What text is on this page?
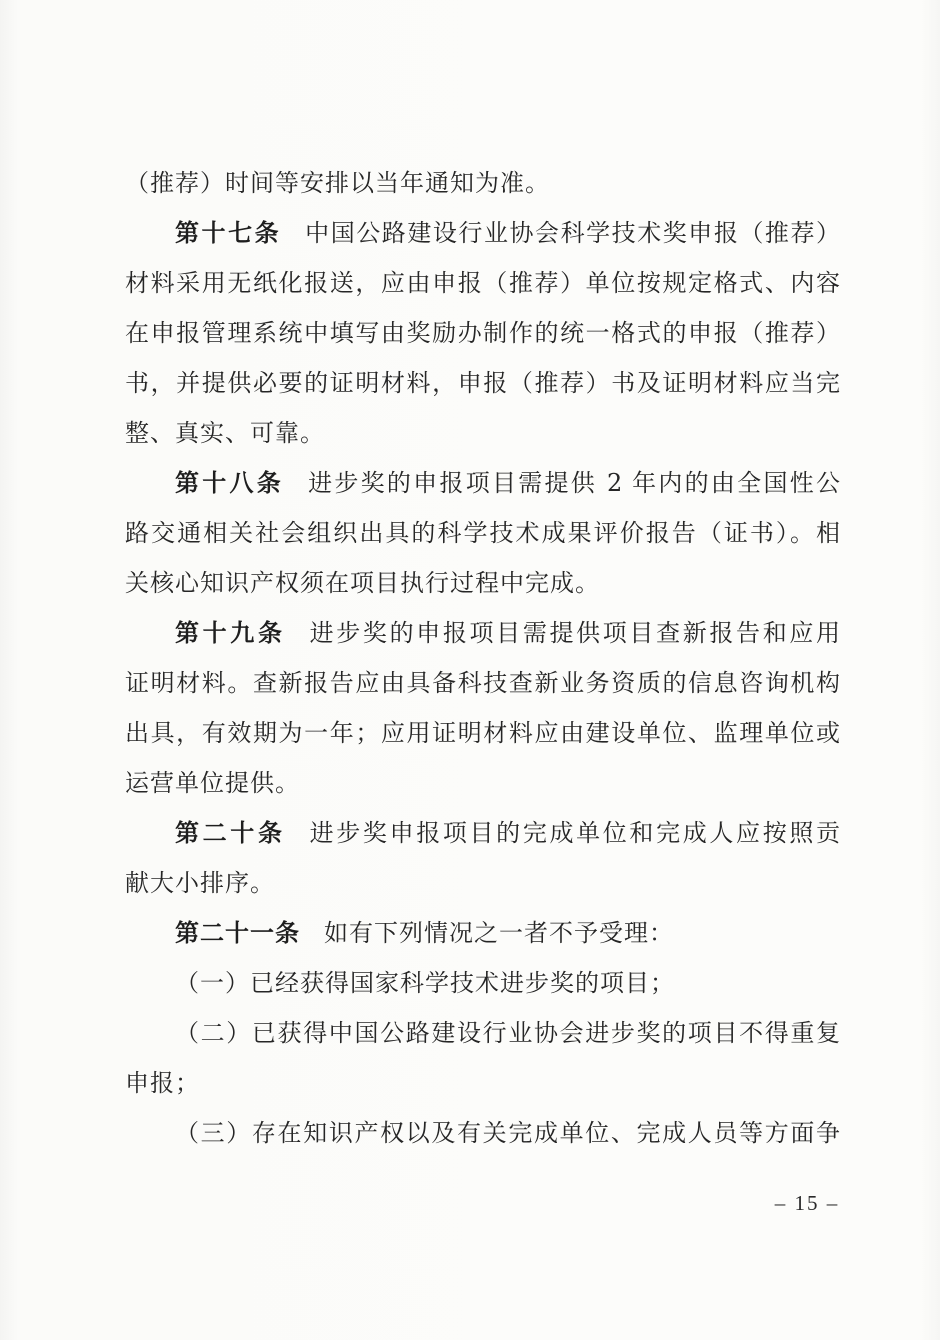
（推荐）时间等安排以当年通知为准。
第十七条 中国公路建设行业协会科学技术奖申报（推荐）
材料采用无纸化报送，应由申报（推荐）单位按规定格式、内容
在申报管理系统中填写由奖励办制作的统一格式的申报（推荐）
书，并提供必要的证明材料，申报（推荐）书及证明材料应当完
整、真实、可靠。
第十八条 进步奖的申报项目需提供 2 年内的由全国性公
路交通相关社会组织出具的科学技术成果评价报告（证书）。相
关核心知识产权须在项目执行过程中完成。
第十九条 进步奖的申报项目需提供项目查新报告和应用
证明材料。查新报告应由具备科技查新业务资质的信息咨询机构
出具，有效期为一年；应用证明材料应由建设单位、监理单位或
运营单位提供。
第二十条 进步奖申报项目的完成单位和完成人应按照贡
献大小排序。
第二十一条 如有下列情况之一者不予受理：
（一）已经获得国家科学技术进步奖的项目；
（二）已获得中国公路建设行业协会进步奖的项目不得重复
申报；
（三）存在知识产权以及有关完成单位、完成人员等方面争
– 15 –
